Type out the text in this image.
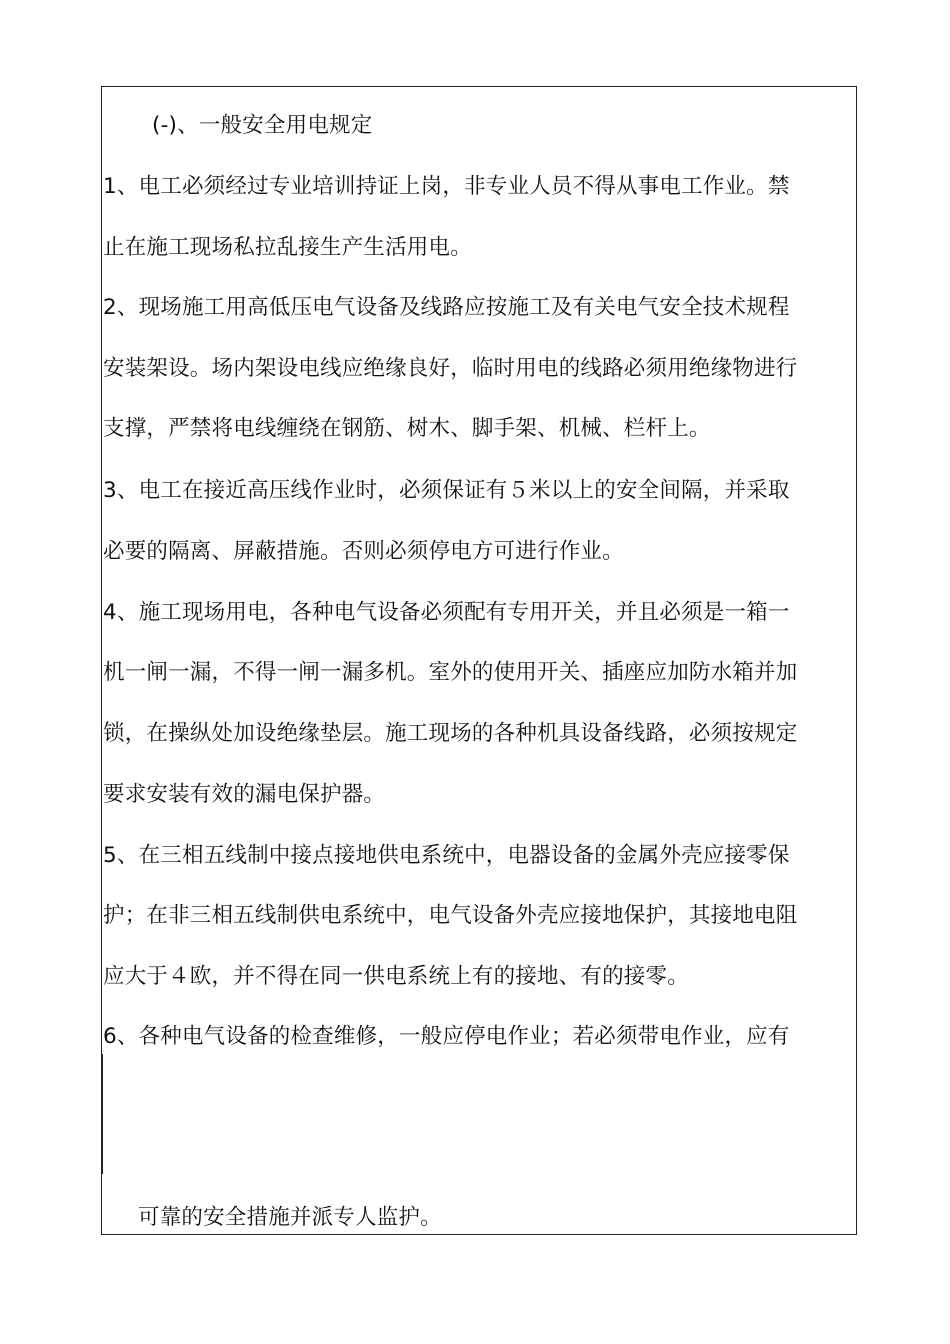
(-)、一般安全用电规定
1、电工必须经过专业培训持证上岗，非专业人员不得从事电工作业。禁
止在施工现场私拉乱接生产生活用电。
2、现场施工用高低压电气设备及线路应按施工及有关电气安全技术规程
安装架设。场内架设电线应绝缘良好，临时用电的线路必须用绝缘物进行
支撑，严禁将电线缠绕在钢筋、树木、脚手架、机械、栏杆上。
3、电工在接近高压线作业时，必须保证有５米以上的安全间隔，并采取
必要的隔离、屏蔽措施。否则必须停电方可进行作业。
4、施工现场用电，各种电气设备必须配有专用开关，并且必须是一箱一
机一闸一漏，不得一闸一漏多机。室外的使用开关、插座应加防水箱并加
锁，在操纵处加设绝缘垫层。施工现场的各种机具设备线路，必须按规定
要求安装有效的漏电保护器。
5、在三相五线制中接点接地供电系统中，电器设备的金属外壳应接零保
护；在非三相五线制供电系统中，电气设备外壳应接地保护，其接地电阻
应大于４欧，并不得在同一供电系统上有的接地、有的接零。
6、各种电气设备的检查维修，一般应停电作业；若必须带电作业，应有
可靠的安全措施并派专人监护。
